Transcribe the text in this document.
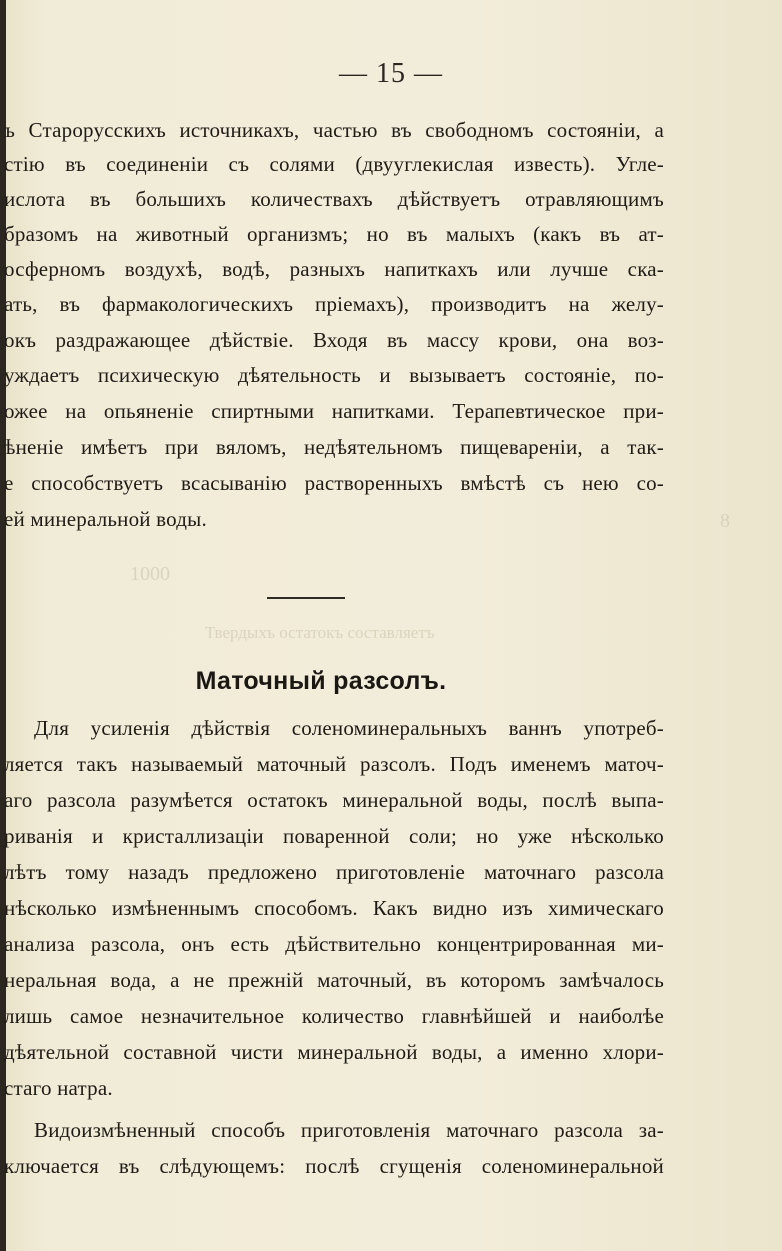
1000
Твердыхъ остатокъ составляетъ
8
— 15 —
ъ Старорусскихъ источникахъ, частью въ свободномъ состояніи, а
стію въ соединеніи съ солями (двууглекислая известь). Угле-
ислота въ большихъ количествахъ дѣйствуетъ отравляющимъ
бразомъ на животный организмъ; но въ малыхъ (какъ въ ат-
осферномъ воздухѣ, водѣ, разныхъ напиткахъ или лучше ска-
ать, въ фармакологическихъ пріемахъ), производитъ на желу-
окъ раздражающее дѣйствіе. Входя въ массу крови, она воз-
уждаетъ психическую дѣятельность и вызываетъ состояніе, по-
ожее на опьяненіе спиртными напитками. Терапевтическое при-
ѣненіе имѣетъ при вяломъ, недѣятельномъ пищевареніи, а так-
е способствуетъ всасыванію растворенныхъ вмѣстѣ съ нею со-
ей минеральной воды.
Маточный разсолъ.
Для усиленія дѣйствія соленоминеральныхъ ваннъ употреб-
ляется такъ называемый маточный разсолъ. Подъ именемъ маточ-
аго разсола разумѣется остатокъ минеральной воды, послѣ выпа-
риванія и кристаллизаціи поваренной соли; но уже нѣсколько
лѣтъ тому назадъ предложено приготовленіе маточнаго разсола
нѣсколько измѣненнымъ способомъ. Какъ видно изъ химическаго
анализа разсола, онъ есть дѣйствительно концентрированная ми-
неральная вода, а не прежній маточный, въ которомъ замѣчалось
лишь самое незначительное количество главнѣйшей и наиболѣе
дѣятельной составной чисти минеральной воды, а именно хлори-
стаго натра.
Видоизмѣненный способъ приготовленія маточнаго разсола за-
ключается въ слѣдующемъ: послѣ сгущенія соленоминеральной
